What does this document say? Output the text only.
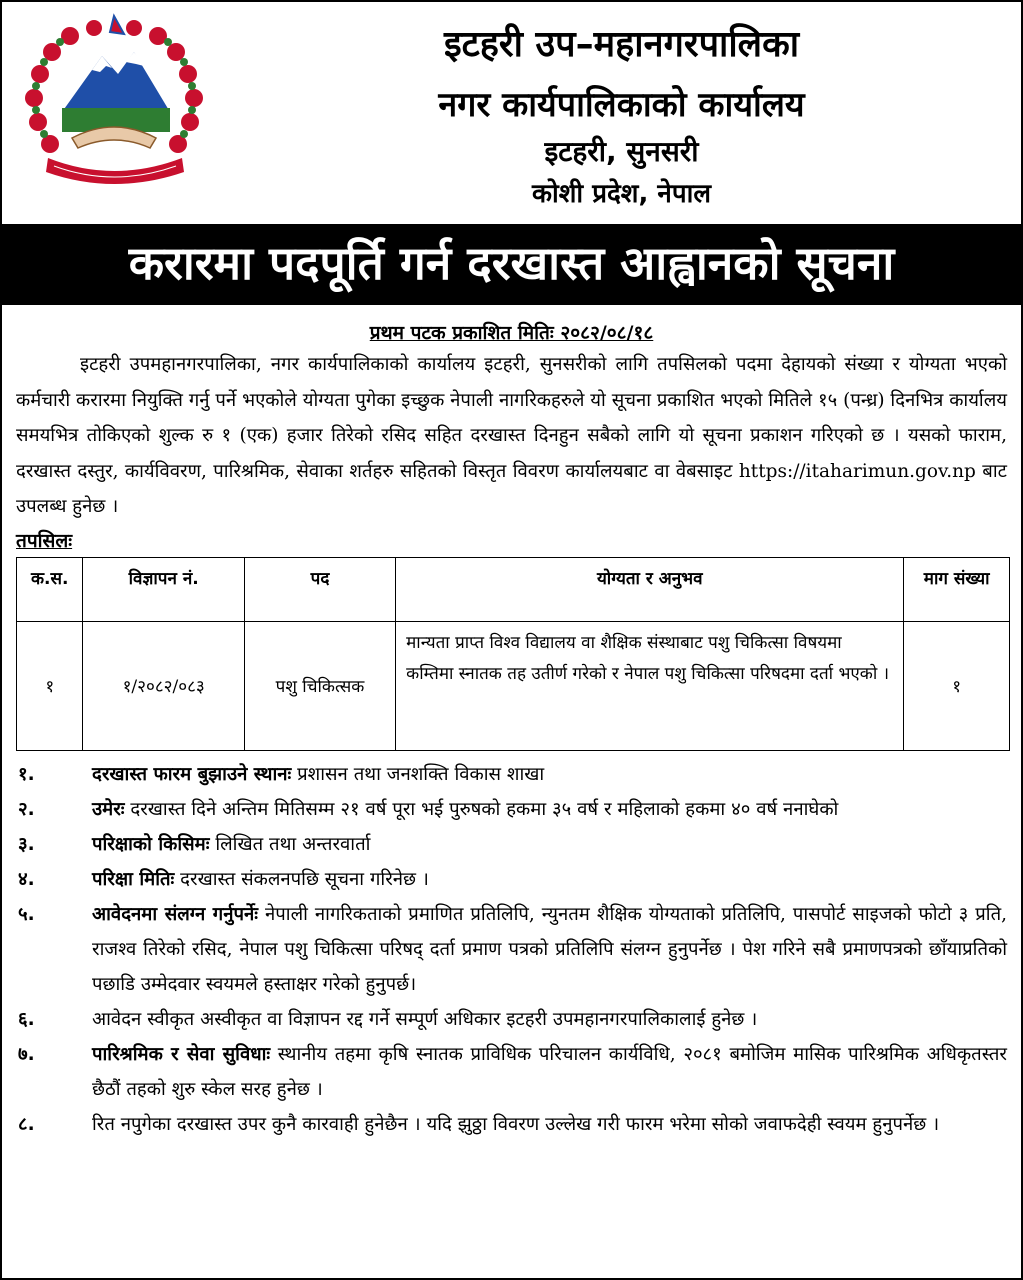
इटहरी उप–महानगरपालिका
नगर कार्यपालिकाको कार्यालय
इटहरी, सुनसरी
कोशी प्रदेश, नेपाल
करारमा पदपूर्ति गर्न दरखास्त आह्वानको सूचना
प्रथम पटक प्रकाशित मितिः २०८२/०८/१८

इटहरी उपमहानगरपालिका, नगर कार्यपालिकाको कार्यालय इटहरी, सुनसरीको लागि तपसिलको पदमा देहायको संख्या र योग्यता भएको कर्मचारी करारमा नियुक्ति गर्नु पर्ने भएकोले योग्यता पुगेका इच्छुक नेपाली नागरिकहरुले यो सूचना प्रकाशित भएको मितिले १५ (पन्ध्र) दिनभित्र कार्यालय समयभित्र तोकिएको शुल्क रु १ (एक) हजार तिरेको रसिद सहित दरखास्त दिनहुन सबैको लागि यो सूचना प्रकाशन गरिएको छ । यसको फाराम, दरखास्त दस्तुर, कार्यविवरण, पारिश्रमिक, सेवाका शर्तहरु सहितको विस्तृत विवरण कार्यालयबाट वा वेबसाइट https://itaharimun.gov.np बाट उपलब्ध हुनेछ ।

तपसिलः
क.स.	विज्ञापन नं.	पद	योग्यता र अनुभव	माग संख्या
१	१/२०८२/०८३	पशु चिकित्सक	मान्यता प्राप्त विश्व विद्यालय वा शैक्षिक संस्थाबाट पशु चिकित्सा विषयमा कम्तिमा स्नातक तह उतीर्ण गरेको र नेपाल पशु चिकित्सा परिषदमा दर्ता भएको ।	१
१.	दरखास्त फारम बुझाउने स्थानः प्रशासन तथा जनशक्ति विकास शाखा
२.	उमेरः दरखास्त दिने अन्तिम मितिसम्म २१ वर्ष पूरा भई पुरुषको हकमा ३५ वर्ष र महिलाको हकमा ४० वर्ष ननाघेको
३.	परिक्षाको किसिमः लिखित तथा अन्तरवार्ता
४.	परिक्षा मितिः दरखास्त संकलनपछि सूचना गरिनेछ ।
५.	आवेदनमा संलग्न गर्नुपर्नेः नेपाली नागरिकताको प्रमाणित प्रतिलिपि, न्युनतम शैक्षिक योग्यताको प्रतिलिपि, पासपोर्ट साइजको फोटो ३ प्रति, राजश्व तिरेको रसिद, नेपाल पशु चिकित्सा परिषद् दर्ता प्रमाण पत्रको प्रतिलिपि संलग्न हुनुपर्नेछ । पेश गरिने सबै प्रमाणपत्रको छाँयाप्रतिको पछाडि उम्मेदवार स्वयमले हस्ताक्षर गरेको हुनुपर्छ।
६.	आवेदन स्वीकृत अस्वीकृत वा विज्ञापन रद्द गर्ने सम्पूर्ण अधिकार इटहरी उपमहानगरपालिकालाई हुनेछ ।
७.	पारिश्रमिक र सेवा सुविधाः स्थानीय तहमा कृषि स्नातक प्राविधिक परिचालन कार्यविधि, २०८१ बमोजिम मासिक पारिश्रमिक अधिकृतस्तर छैठौं तहको शुरु स्केल सरह हुनेछ ।
८.	रित नपुगेका दरखास्त उपर कुनै कारवाही हुनेछैन । यदि झुठ्ठा विवरण उल्लेख गरी फारम भरेमा सोको जवाफदेही स्वयम हुनुपर्नेछ ।
